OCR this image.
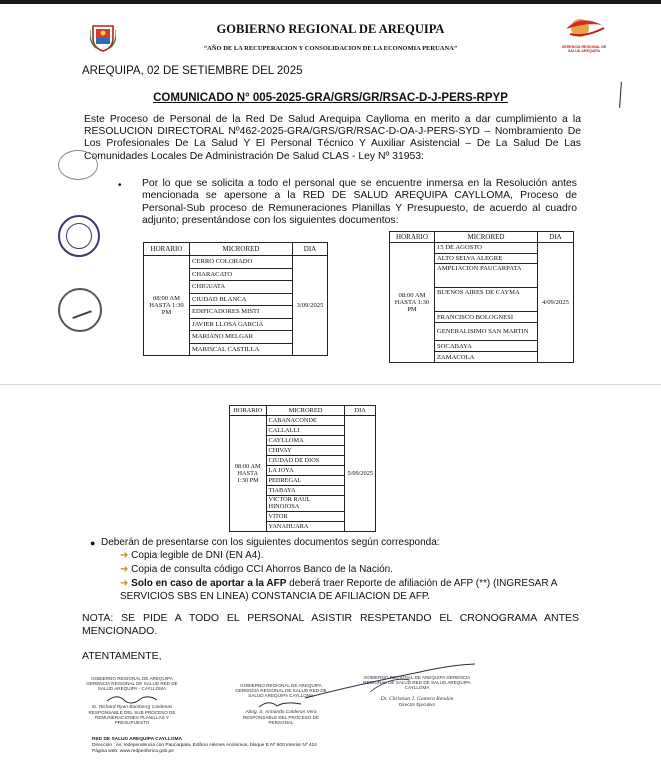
GOBIERNO REGIONAL DE AREQUIPA
“AÑO DE LA RECUPERACION Y CONSOLIDACION DE LA ECONOMIA PERUANA”	GERENCIA REGIONAL DE SALUD AREQUIPA
AREQUIPA, 02 DE SETIEMBRE DEL 2025
COMUNICADO N° 005-2025-GRA/GRS/GR/RSAC-D-J-PERS-RPYP
Este Proceso de Personal de la Red De Salud Arequipa Caylloma en merito a dar cumplimiento a la RESOLUCION DIRECTORAL Nº462-2025-GRA/GRS/GR/RSAC-D-OA-J-PERS-SYD – Nombramiento De Los Profesionales De La Salud Y El Personal Técnico Y Auxiliar Asistencial – De La Salud De Las Comunidades Locales De Administración De Salud CLAS - Ley Nº 31953:
• Por lo que se solicita a todo el personal que se encuentre inmersa en la Resolución antes mencionada se apersone a la RED DE SALUD AREQUIPA CAYLLOMA, Proceso de Personal-Sub proceso de Remuneraciones Planillas Y Presupuesto, de acuerdo al cuadro adjunto; presentándose con los siguientes documentos:
HORARIO	MICRORED	DIA
08:00 AM HASTA 1:30 PM	CERRO COLORADO	3/09/2025
	CHARACATO	
	CHIGUATA	
	CIUDAD BLANCA	
	EDIFICADORES MISTI	
	JAVIER LLOSA GARCIA	
	MARIANO MELGAR	
	MARISCAL CASTILLA	
HORARIO	MICRORED	DIA
08:00 AM HASTA 1:30 PM	15 DE AGOSTO	4/09/2025
	ALTO SELVA ALEGRE	
	AMPLIACION PAUCARPATA	
	BUENOS AIRES DE CAYMA	
	FRANCISCO BOLOGNESI	
	GENERALISIMO SAN MARTIN	
	SOCABAYA	
	ZAMACOLA	
HORARIO	MICRORED	DIA
08:00 AM HASTA 1:30 PM	CABANACONDE	5/09/2025
	CALLALLI	
	CAYLLOMA	
	CHIVAY	
	CIUDAD DE DIOS	
	LA JOYA	
	PEDREGAL	
	TIABAYA	
	VICTOR RAUL HINOJOSA	
	VITOR	
	YANAHUARA	
● Deberán de presentarse con los siguientes documentos según corresponda:
➜ Copia legible de DNI (EN A4).
➜ Copia de consulta código CCI Ahorros Banco de la Nación.
➜ Solo en caso de aportar a la AFP deberá traer Reporte de afiliación de AFP (**) (INGRESAR A SERVICIOS SBS EN LINEA) CONSTANCIA DE AFILIACION DE AFP.
NOTA: SE PIDE A TODO EL PERSONAL ASISTIR RESPETANDO EL CRONOGRAMA ANTES MENCIONADO.
ATENTAMENTE,
GOBIERNO REGIONAL DE AREQUIPA GERENCIA REGIONAL DE SALUD RED DE SALUD AREQUIPA - CAYLLOMA
Sr. Richard Ryan Bamberrg Cárdenas
RESPONSABLE DEL SUB PROCESO DE REMUNERACIONES PLANILLAS Y PRESUPUESTO
GOBIERNO REGIONAL DE AREQUIPA GERENCIA REGIONAL DE SALUD RED DE SALUD AREQUIPA CAYLLOMA
Abog. S. Armando Calderon Vera
RESPONSABLE DEL PROCESO DE PERSONAL
GOBIERNO REGIONAL DE AREQUIPA GERENCIA REGIONAL DE SALUD RED DE SALUD AREQUIPA CAYLLOMA
Dr. Christian J. Gamero Rendón
Director Ejecutivo
RED DE SALUD AREQUIPA CAYLLOMA
Dirección : Av. Independencia con Paucarpata, Edificio Héroes Anónimos, bloque E Nº 600 Interior Nº 424
Página web: www.redperiferica.gob.pe
